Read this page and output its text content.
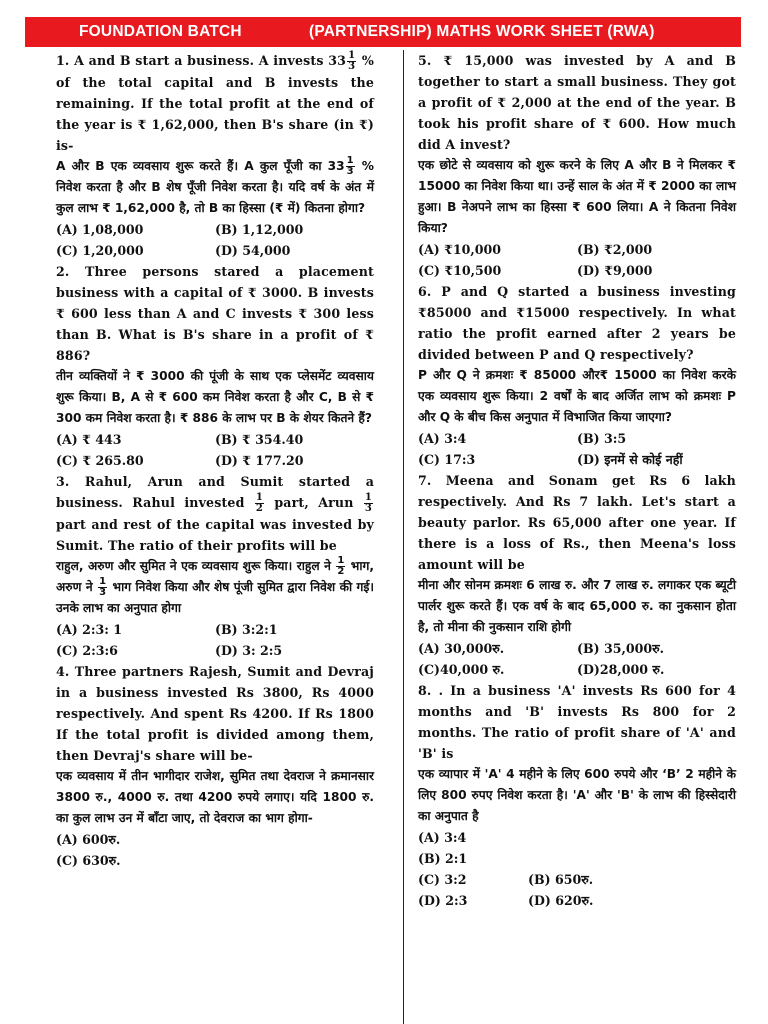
FOUNDATION BATCH	(PARTNERSHIP) MATHS WORK SHEET (RWA)

1. A and B start a business. A invests $33 \frac{1}{3}$ % of the total capital and B invests the remaining. If the total profit at the end of the year is ₹ 1,62,000, then B's share (in ₹) is-

A और B एक व्यवसाय शुरू करते हैं। A कुल पूँजी का $33 \frac{1}{3}$ % निवेश करता है और B शेष पूँजी निवेश करता है। यदि वर्ष के अंत में कुल लाभ ₹ 1,62,000 है, तो B का हिस्सा (₹ में) कितना होगा?

(A) 1,08,000	(B) 1,12,000
(C) 1,20,000	(D) 54,000

2. Three persons stared a placement business with a capital of ₹ 3000. B invests ₹ 600 less than A and C invests ₹ 300 less than B. What is B's share in a profit of ₹ 886?

तीन व्यक्तियों ने ₹ 3000 की पूंजी के साथ एक प्लेसमेंट व्यवसाय शुरू किया। B, A से ₹ 600 कम निवेश करता है और C, B से ₹ 300 कम निवेश करता है। ₹ 886 के लाभ पर B के शेयर कितने हैं?

(A) ₹ 443	(B) ₹ 354.40
(C) ₹ 265.80	(D) ₹ 177.20

3. Rahul, Arun and Sumit started a business. Rahul invested $\frac{1}{2}$ part, Arun $\frac{1}{3}$
part and rest of the capital was invested by Sumit. The ratio of their profits will be

राहुल, अरुण और सुमित ने एक व्यवसाय शुरू किया। राहुल ने $\frac{1}{2}$ भाग, अरुण ने $\frac{1}{3}$ भाग निवेश किया और शेष पूंजी सुमित द्वारा निवेश की गई। उनके लाभ का अनुपात होगा

(A) 2:3: 1	(B) 3:2:1
(C) 2:3:6	(D) 3: 2:5

4. Three partners Rajesh, Sumit and Devraj in a business invested Rs 3800, Rs 4000 respectively. And spent Rs 4200. If Rs 1800 If the total profit is divided among them, then Devraj's share will be-

एक व्यवसाय में तीन भागीदार राजेश, सुमित तथा देवराज ने क्रमानसार 3800 रु., 4000 रु. तथा 4200 रुपये लगाए। यदि 1800 रु. का कुल लाभ उन में बाँटा जाए, तो देवराज का भाग होगा-

(A) 600रु.
(C) 630रु.

5. ₹ 15,000 was invested by A and B together to start a small business. They got a profit of ₹ 2,000 at the end of the year. B took his profit share of ₹ 600. How much did A invest?

एक छोटे से व्यवसाय को शुरू करने के लिए A और B ने मिलकर ₹ 15000 का निवेश किया था। उन्हें साल के अंत में ₹ 2000 का लाभ हुआ। B नेअपने लाभ का हिस्सा ₹ 600 लिया। A ने कितना निवेश किया?

(A) ₹10,000	(B) ₹2,000
(C) ₹10,500	(D) ₹9,000

6. P and Q started a business investing ₹85000 and ₹15000 respectively. In what ratio the profit earned after 2 years be divided between P and Q respectively?

P और Q ने क्रमशः ₹ 85000 और₹ 15000 का निवेश करके एक व्यवसाय शुरू किया। 2 वर्षों के बाद अर्जित लाभ को क्रमशः P और Q के बीच किस अनुपात में विभाजित किया जाएगा?

(A) 3:4	(B) 3:5
(C) 17:3	(D) इनमें से कोई नहीं

7. Meena and Sonam get Rs 6 lakh respectively. And Rs 7 lakh. Let's start a beauty parlor. Rs 65,000 after one year. If there is a loss of Rs., then Meena's loss amount will be

मीना और सोनम क्रमशः 6 लाख रु. और 7 लाख रु. लगाकर एक ब्यूटी पार्लर शुरू करते हैं। एक वर्ष के बाद 65,000 रु. का नुकसान होता है, तो मीना की नुकसान राशि होगी

(A) 30,000रु.	(B) 35,000रु.
(C)40,000 रु.	(D)28,000 रु.

8. . In a business 'A' invests Rs 600 for 4 months and 'B' invests Rs 800 for 2 months. The ratio of profit share of 'A' and 'B' is

एक व्यापार में 'A' 4 महीने के लिए 600 रुपये और ‘B’ 2 महीने के लिए 800 रुपए निवेश करता है। 'A' और 'B' के लाभ की हिस्सेदारी का अनुपात है

(A) 3:4
(B) 2:1
(C) 3:2	(B) 650रु.
(D) 2:3	(D) 620रु.
